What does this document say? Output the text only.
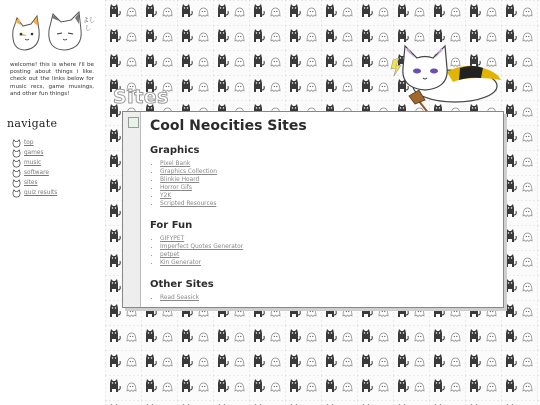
よし
し
welcome! this is where i'll be posting about things i like. check out the links below for music recs, game musings, and other fun things!
navigate
top
games
music
software
sites
quiz results
Sites
Cool Neocities Sites
Graphics
• Pixel Bank
• Graphics Collection
• Blinkie Hoard
• Horror Gifs
• Y2K
• Scripted Resources
For Fun
• GIFYPET
• Imperfect Quotes Generator
• petpet
• Kin Generator
Other Sites
• Read Seasick
